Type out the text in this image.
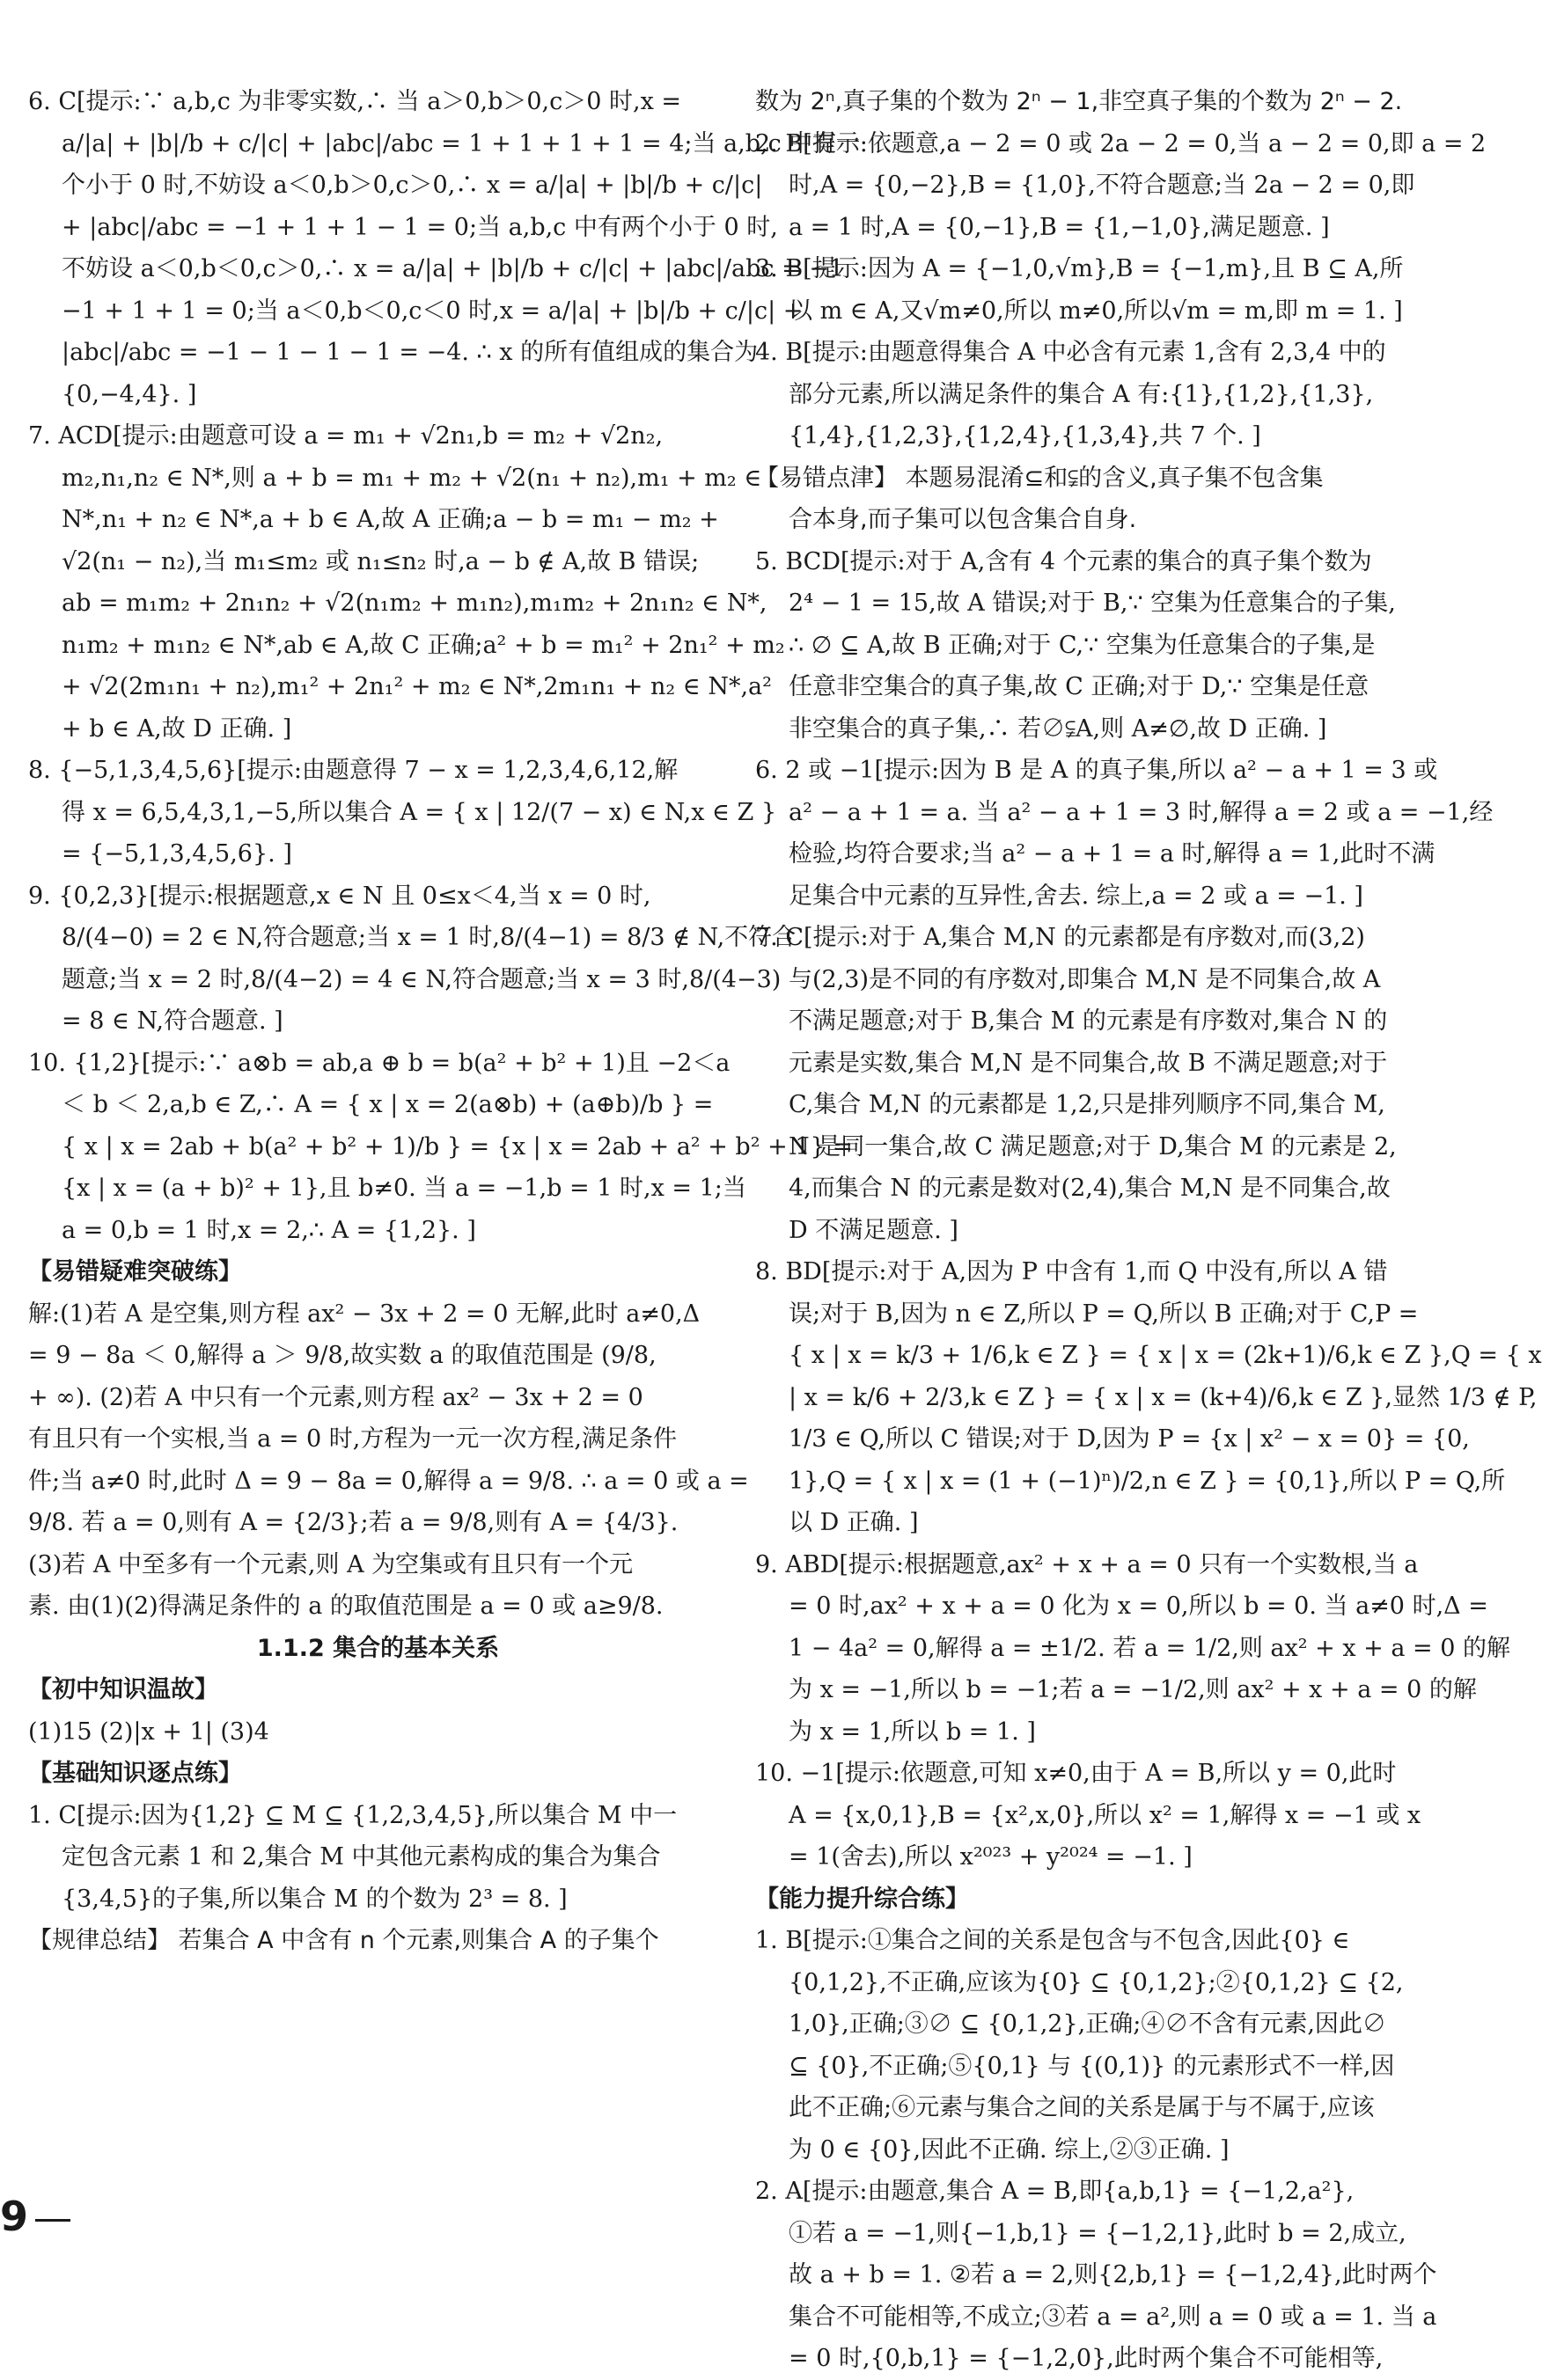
6. C[提示:∵ a,b,c 为非零实数,∴ 当 a＞0,b＞0,c＞0 时,x =
a/|a| + |b|/b + c/|c| + |abc|/abc = 1 + 1 + 1 + 1 = 4;当 a,b,c 中有一
个小于 0 时,不妨设 a＜0,b＞0,c＞0,∴ x = a/|a| + |b|/b + c/|c|
+ |abc|/abc = −1 + 1 + 1 − 1 = 0;当 a,b,c 中有两个小于 0 时,
不妨设 a＜0,b＜0,c＞0,∴ x = a/|a| + |b|/b + c/|c| + |abc|/abc = −1
−1 + 1 + 1 = 0;当 a＜0,b＜0,c＜0 时,x = a/|a| + |b|/b + c/|c| +
|abc|/abc = −1 − 1 − 1 − 1 = −4. ∴ x 的所有值组成的集合为
{0,−4,4}. ]
7. ACD[提示:由题意可设 a = m₁ + √2n₁,b = m₂ + √2n₂,
m₂,n₁,n₂ ∈ N*,则 a + b = m₁ + m₂ + √2(n₁ + n₂),m₁ + m₂ ∈
N*,n₁ + n₂ ∈ N*,a + b ∈ A,故 A 正确;a − b = m₁ − m₂ +
√2(n₁ − n₂),当 m₁≤m₂ 或 n₁≤n₂ 时,a − b ∉ A,故 B 错误;
ab = m₁m₂ + 2n₁n₂ + √2(n₁m₂ + m₁n₂),m₁m₂ + 2n₁n₂ ∈ N*,
n₁m₂ + m₁n₂ ∈ N*,ab ∈ A,故 C 正确;a² + b = m₁² + 2n₁² + m₂
+ √2(2m₁n₁ + n₂),m₁² + 2n₁² + m₂ ∈ N*,2m₁n₁ + n₂ ∈ N*,a²
+ b ∈ A,故 D 正确. ]
8. {−5,1,3,4,5,6}[提示:由题意得 7 − x = 1,2,3,4,6,12,解
得 x = 6,5,4,3,1,−5,所以集合 A = { x | 12/(7 − x) ∈ N,x ∈ Z }
= {−5,1,3,4,5,6}. ]
9. {0,2,3}[提示:根据题意,x ∈ N 且 0≤x＜4,当 x = 0 时,
8/(4−0) = 2 ∈ N,符合题意;当 x = 1 时,8/(4−1) = 8/3 ∉ N,不符合
题意;当 x = 2 时,8/(4−2) = 4 ∈ N,符合题意;当 x = 3 时,8/(4−3)
= 8 ∈ N,符合题意. ]
10. {1,2}[提示:∵ a⊗b = ab,a ⊕ b = b(a² + b² + 1)且 −2＜a
＜ b ＜ 2,a,b ∈ Z,∴ A = { x | x = 2(a⊗b) + (a⊕b)/b } =
{ x | x = 2ab + b(a² + b² + 1)/b } = {x | x = 2ab + a² + b² + 1} =
{x | x = (a + b)² + 1},且 b≠0. 当 a = −1,b = 1 时,x = 1;当
a = 0,b = 1 时,x = 2,∴ A = {1,2}. ]
【易错疑难突破练】
解:(1)若 A 是空集,则方程 ax² − 3x + 2 = 0 无解,此时 a≠0,Δ
= 9 − 8a ＜ 0,解得 a ＞ 9/8,故实数 a 的取值范围是 (9/8,
+ ∞). (2)若 A 中只有一个元素,则方程 ax² − 3x + 2 = 0
有且只有一个实根,当 a = 0 时,方程为一元一次方程,满足条件
件;当 a≠0 时,此时 Δ = 9 − 8a = 0,解得 a = 9/8. ∴ a = 0 或 a =
9/8. 若 a = 0,则有 A = {2/3};若 a = 9/8,则有 A = {4/3}.
(3)若 A 中至多有一个元素,则 A 为空集或有且只有一个元
素. 由(1)(2)得满足条件的 a 的取值范围是 a = 0 或 a≥9/8.
1.1.2 集合的基本关系
【初中知识温故】
(1)15 (2)|x + 1| (3)4
【基础知识逐点练】
1. C[提示:因为{1,2} ⊆ M ⊆ {1,2,3,4,5},所以集合 M 中一
定包含元素 1 和 2,集合 M 中其他元素构成的集合为集合
{3,4,5}的子集,所以集合 M 的个数为 2³ = 8. ]
【规律总结】 若集合 A 中含有 n 个元素,则集合 A 的子集个
数为 2ⁿ,真子集的个数为 2ⁿ − 1,非空真子集的个数为 2ⁿ − 2.
2. B[提示:依题意,a − 2 = 0 或 2a − 2 = 0,当 a − 2 = 0,即 a = 2
时,A = {0,−2},B = {1,0},不符合题意;当 2a − 2 = 0,即
a = 1 时,A = {0,−1},B = {1,−1,0},满足题意. ]
3. B[提示:因为 A = {−1,0,√m},B = {−1,m},且 B ⊆ A,所
以 m ∈ A,又√m≠0,所以 m≠0,所以√m = m,即 m = 1. ]
4. B[提示:由题意得集合 A 中必含有元素 1,含有 2,3,4 中的
部分元素,所以满足条件的集合 A 有:{1},{1,2},{1,3},
{1,4},{1,2,3},{1,2,4},{1,3,4},共 7 个. ]
【易错点津】 本题易混淆⊆和⫋的含义,真子集不包含集
合本身,而子集可以包含集合自身.
5. BCD[提示:对于 A,含有 4 个元素的集合的真子集个数为
2⁴ − 1 = 15,故 A 错误;对于 B,∵ 空集为任意集合的子集,
∴ ∅ ⊆ A,故 B 正确;对于 C,∵ 空集为任意集合的子集,是
任意非空集合的真子集,故 C 正确;对于 D,∵ 空集是任意
非空集合的真子集,∴ 若∅⫋A,则 A≠∅,故 D 正确. ]
6. 2 或 −1[提示:因为 B 是 A 的真子集,所以 a² − a + 1 = 3 或
a² − a + 1 = a. 当 a² − a + 1 = 3 时,解得 a = 2 或 a = −1,经
检验,均符合要求;当 a² − a + 1 = a 时,解得 a = 1,此时不满
足集合中元素的互异性,舍去. 综上,a = 2 或 a = −1. ]
7. C[提示:对于 A,集合 M,N 的元素都是有序数对,而(3,2)
与(2,3)是不同的有序数对,即集合 M,N 是不同集合,故 A
不满足题意;对于 B,集合 M 的元素是有序数对,集合 N 的
元素是实数,集合 M,N 是不同集合,故 B 不满足题意;对于
C,集合 M,N 的元素都是 1,2,只是排列顺序不同,集合 M,
N 是同一集合,故 C 满足题意;对于 D,集合 M 的元素是 2,
4,而集合 N 的元素是数对(2,4),集合 M,N 是不同集合,故
D 不满足题意. ]
8. BD[提示:对于 A,因为 P 中含有 1,而 Q 中没有,所以 A 错
误;对于 B,因为 n ∈ Z,所以 P = Q,所以 B 正确;对于 C,P =
{ x | x = k/3 + 1/6,k ∈ Z } = { x | x = (2k+1)/6,k ∈ Z },Q = { x
| x = k/6 + 2/3,k ∈ Z } = { x | x = (k+4)/6,k ∈ Z },显然 1/3 ∉ P,
1/3 ∈ Q,所以 C 错误;对于 D,因为 P = {x | x² − x = 0} = {0,
1},Q = { x | x = (1 + (−1)ⁿ)/2,n ∈ Z } = {0,1},所以 P = Q,所
以 D 正确. ]
9. ABD[提示:根据题意,ax² + x + a = 0 只有一个实数根,当 a
= 0 时,ax² + x + a = 0 化为 x = 0,所以 b = 0. 当 a≠0 时,Δ =
1 − 4a² = 0,解得 a = ±1/2. 若 a = 1/2,则 ax² + x + a = 0 的解
为 x = −1,所以 b = −1;若 a = −1/2,则 ax² + x + a = 0 的解
为 x = 1,所以 b = 1. ]
10. −1[提示:依题意,可知 x≠0,由于 A = B,所以 y = 0,此时
A = {x,0,1},B = {x²,x,0},所以 x² = 1,解得 x = −1 或 x
= 1(舍去),所以 x²⁰²³ + y²⁰²⁴ = −1. ]
【能力提升综合练】
1. B[提示:①集合之间的关系是包含与不包含,因此{0} ∈
{0,1,2},不正确,应该为{0} ⊆ {0,1,2};②{0,1,2} ⊆ {2,
1,0},正确;③∅ ⊆ {0,1,2},正确;④∅不含有元素,因此∅
⊆ {0},不正确;⑤{0,1} 与 {(0,1)} 的元素形式不一样,因
此不正确;⑥元素与集合之间的关系是属于与不属于,应该
为 0 ∈ {0},因此不正确. 综上,②③正确. ]
2. A[提示:由题意,集合 A = B,即{a,b,1} = {−1,2,a²},
①若 a = −1,则{−1,b,1} = {−1,2,1},此时 b = 2,成立,
故 a + b = 1. ②若 a = 2,则{2,b,1} = {−1,2,4},此时两个
集合不可能相等,不成立;③若 a = a²,则 a = 0 或 a = 1. 当 a
= 0 时,{0,b,1} = {−1,2,0},此时两个集合不可能相等,
9
